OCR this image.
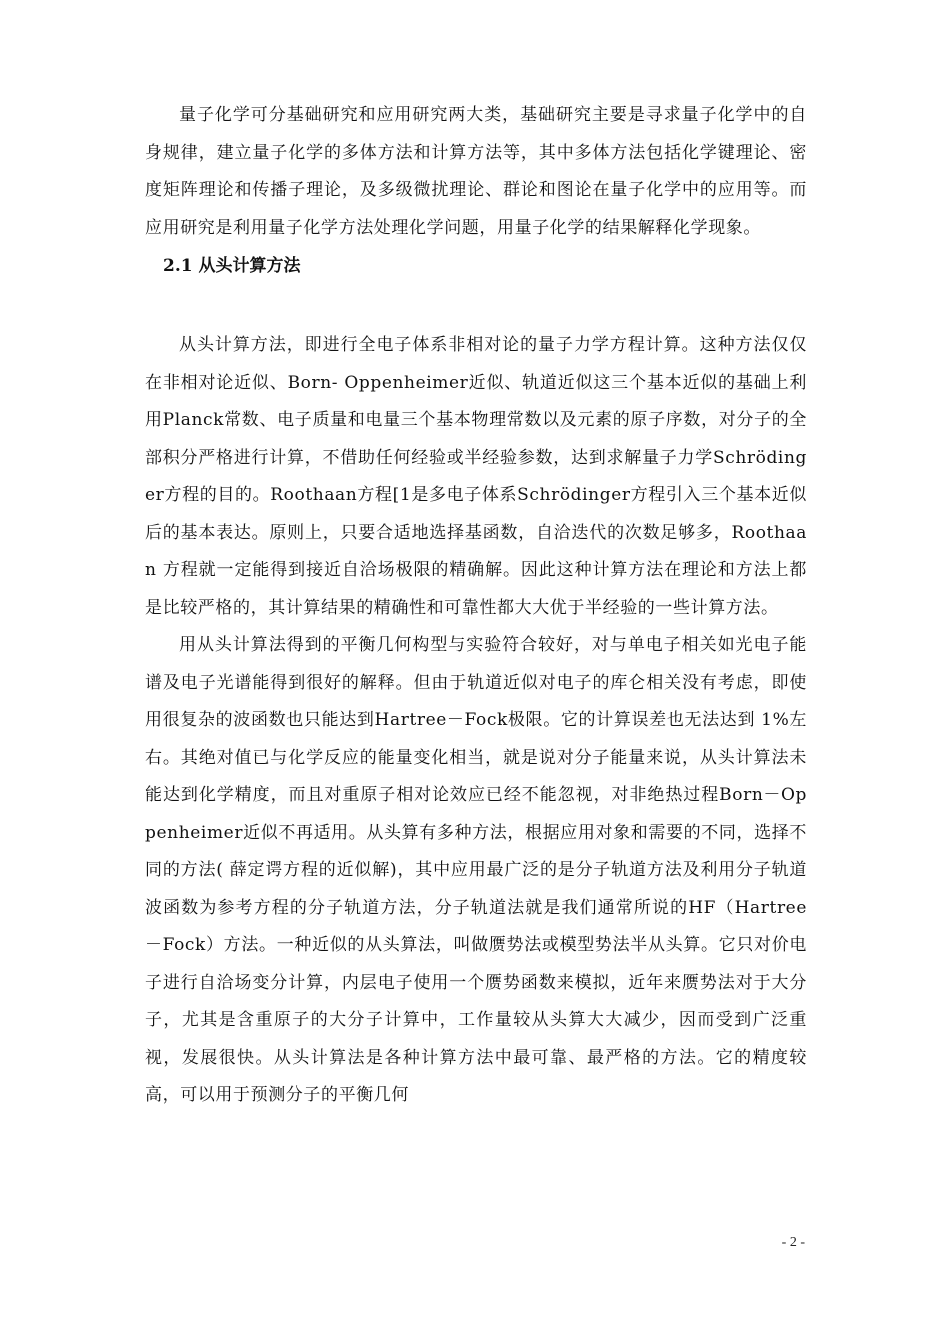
量子化学可分基础研究和应用研究两大类，基础研究主要是寻求量子化学中的自身规律，建立量子化学的多体方法和计算方法等，其中多体方法包括化学键理论、密度矩阵理论和传播子理论，及多级微扰理论、群论和图论在量子化学中的应用等。而应用研究是利用量子化学方法处理化学问题，用量子化学的结果解释化学现象。

2.1 从头计算方法

从头计算方法，即进行全电子体系非相对论的量子力学方程计算。这种方法仅仅在非相对论近似、Born- Oppenheimer近似、轨道近似这三个基本近似的基础上利用Planck常数、电子质量和电量三个基本物理常数以及元素的原子序数，对分子的全部积分严格进行计算，不借助任何经验或半经验参数，达到求解量子力学Schrödinger方程的目的。Roothaan方程[1是多电子体系Schrödinger方程引入三个基本近似后的基本表达。原则上，只要合适地选择基函数，自洽迭代的次数足够多，Roothaan 方程就一定能得到接近自洽场极限的精确解。因此这种计算方法在理论和方法上都是比较严格的，其计算结果的精确性和可靠性都大大优于半经验的一些计算方法。

用从头计算法得到的平衡几何构型与实验符合较好，对与单电子相关如光电子能谱及电子光谱能得到很好的解释。但由于轨道近似对电子的库仑相关没有考虑，即使用很复杂的波函数也只能达到Hartree－Fock极限。它的计算误差也无法达到 1%左右。其绝对值已与化学反应的能量变化相当，就是说对分子能量来说，从头计算法未能达到化学精度，而且对重原子相对论效应已经不能忽视，对非绝热过程Born－Oppenheimer近似不再适用。从头算有多种方法，根据应用对象和需要的不同，选择不同的方法( 薛定谔方程的近似解)，其中应用最广泛的是分子轨道方法及利用分子轨道波函数为参考方程的分子轨道方法，分子轨道法就是我们通常所说的HF（Hartree－Fock）方法。一种近似的从头算法，叫做赝势法或模型势法半从头算。它只对价电子进行自洽场变分计算，内层电子使用一个赝势函数来模拟，近年来赝势法对于大分子，尤其是含重原子的大分子计算中，工作量较从头算大大减少，因而受到广泛重视，发展很快。从头计算法是各种计算方法中最可靠、最严格的方法。它的精度较高，可以用于预测分子的平衡几何

- 2 -
